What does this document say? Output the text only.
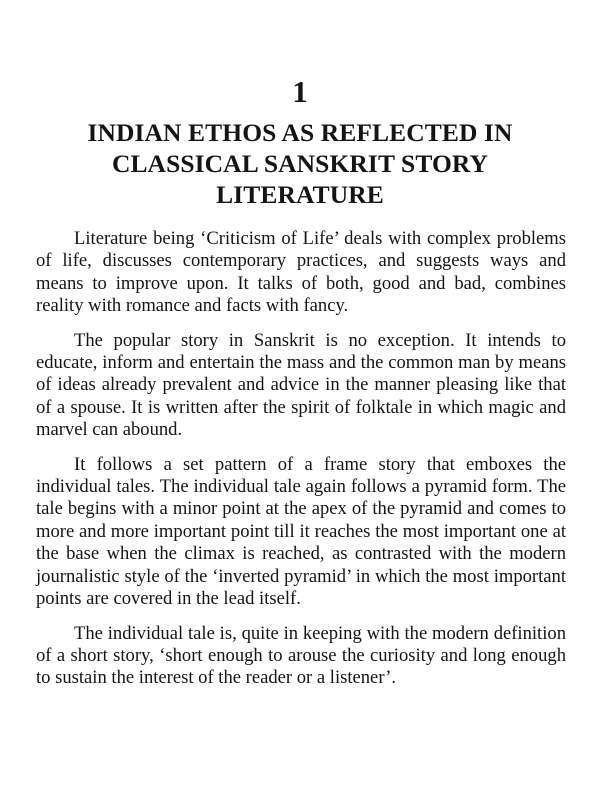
1
INDIAN ETHOS AS REFLECTED IN
CLASSICAL SANSKRIT STORY
LITERATURE

Literature being ‘Criticism of Life’ deals with complex problems of life, discusses contemporary practices, and suggests ways and means to improve upon. It talks of both, good and bad, combines reality with romance and facts with fancy.

The popular story in Sanskrit is no exception. It intends to educate, inform and entertain the mass and the common man by means of ideas already prevalent and advice in the manner pleasing like that of a spouse. It is written after the spirit of folktale in which magic and marvel can abound.

It follows a set pattern of a frame story that emboxes the individual tales. The individual tale again follows a pyramid form. The tale begins with a minor point at the apex of the pyramid and comes to more and more important point till it reaches the most important one at the base when the climax is reached, as contrasted with the modern journalistic style of the ‘inverted pyramid’ in which the most important points are covered in the lead itself.

The individual tale is, quite in keeping with the modern definition of a short story, ‘short enough to arouse the curiosity and long enough to sustain the interest of the reader or a listener’.
